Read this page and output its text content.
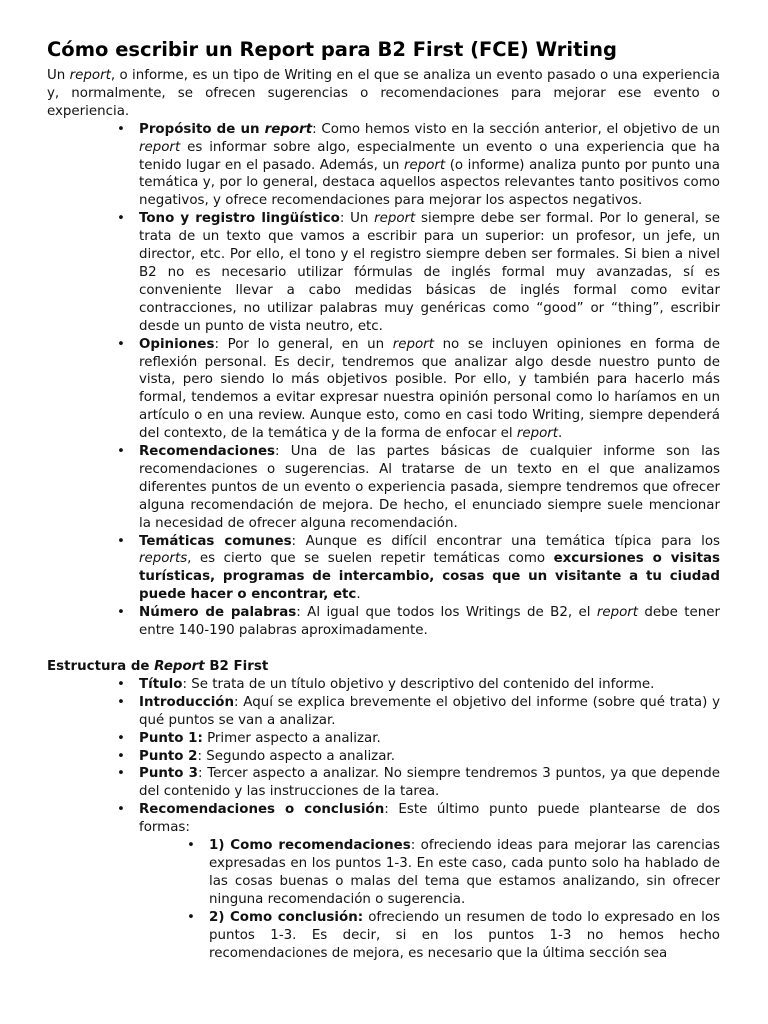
Cómo escribir un Report para B2 First (FCE) Writing

Un report, o informe, es un tipo de Writing en el que se analiza un evento pasado o una experiencia y, normalmente, se ofrecen sugerencias o recomendaciones para mejorar ese evento o experiencia.

• Propósito de un report: Como hemos visto en la sección anterior, el objetivo de un report es informar sobre algo, especialmente un evento o una experiencia que ha tenido lugar en el pasado. Además, un report (o informe) analiza punto por punto una temática y, por lo general, destaca aquellos aspectos relevantes tanto positivos como negativos, y ofrece recomendaciones para mejorar los aspectos negativos.
• Tono y registro lingüístico: Un report siempre debe ser formal. Por lo general, se trata de un texto que vamos a escribir para un superior: un profesor, un jefe, un director, etc. Por ello, el tono y el registro siempre deben ser formales. Si bien a nivel B2 no es necesario utilizar fórmulas de inglés formal muy avanzadas, sí es conveniente llevar a cabo medidas básicas de inglés formal como evitar contracciones, no utilizar palabras muy genéricas como “good” or “thing”, escribir desde un punto de vista neutro, etc.
• Opiniones: Por lo general, en un report no se incluyen opiniones en forma de reflexión personal. Es decir, tendremos que analizar algo desde nuestro punto de vista, pero siendo lo más objetivos posible. Por ello, y también para hacerlo más formal, tendemos a evitar expresar nuestra opinión personal como lo haríamos en un artículo o en una review. Aunque esto, como en casi todo Writing, siempre dependerá del contexto, de la temática y de la forma de enfocar el report.
• Recomendaciones: Una de las partes básicas de cualquier informe son las recomendaciones o sugerencias. Al tratarse de un texto en el que analizamos diferentes puntos de un evento o experiencia pasada, siempre tendremos que ofrecer alguna recomendación de mejora. De hecho, el enunciado siempre suele mencionar la necesidad de ofrecer alguna recomendación.
• Temáticas comunes: Aunque es difícil encontrar una temática típica para los reports, es cierto que se suelen repetir temáticas como excursiones o visitas turísticas, programas de intercambio, cosas que un visitante a tu ciudad puede hacer o encontrar, etc.
• Número de palabras: Al igual que todos los Writings de B2, el report debe tener entre 140-190 palabras aproximadamente.
Estructura de Report B2 First
• Título: Se trata de un título objetivo y descriptivo del contenido del informe.
• Introducción: Aquí se explica brevemente el objetivo del informe (sobre qué trata) y qué puntos se van a analizar.
• Punto 1: Primer aspecto a analizar.
• Punto 2: Segundo aspecto a analizar.
• Punto 3: Tercer aspecto a analizar. No siempre tendremos 3 puntos, ya que depende del contenido y las instrucciones de la tarea.
• Recomendaciones o conclusión: Este último punto puede plantearse de dos formas:
• 1) Como recomendaciones: ofreciendo ideas para mejorar las carencias expresadas en los puntos 1-3. En este caso, cada punto solo ha hablado de las cosas buenas o malas del tema que estamos analizando, sin ofrecer ninguna recomendación o sugerencia.
• 2) Como conclusión: ofreciendo un resumen de todo lo expresado en los puntos 1-3. Es decir, si en los puntos 1-3 no hemos hecho recomendaciones de mejora, es necesario que la última sección sea
